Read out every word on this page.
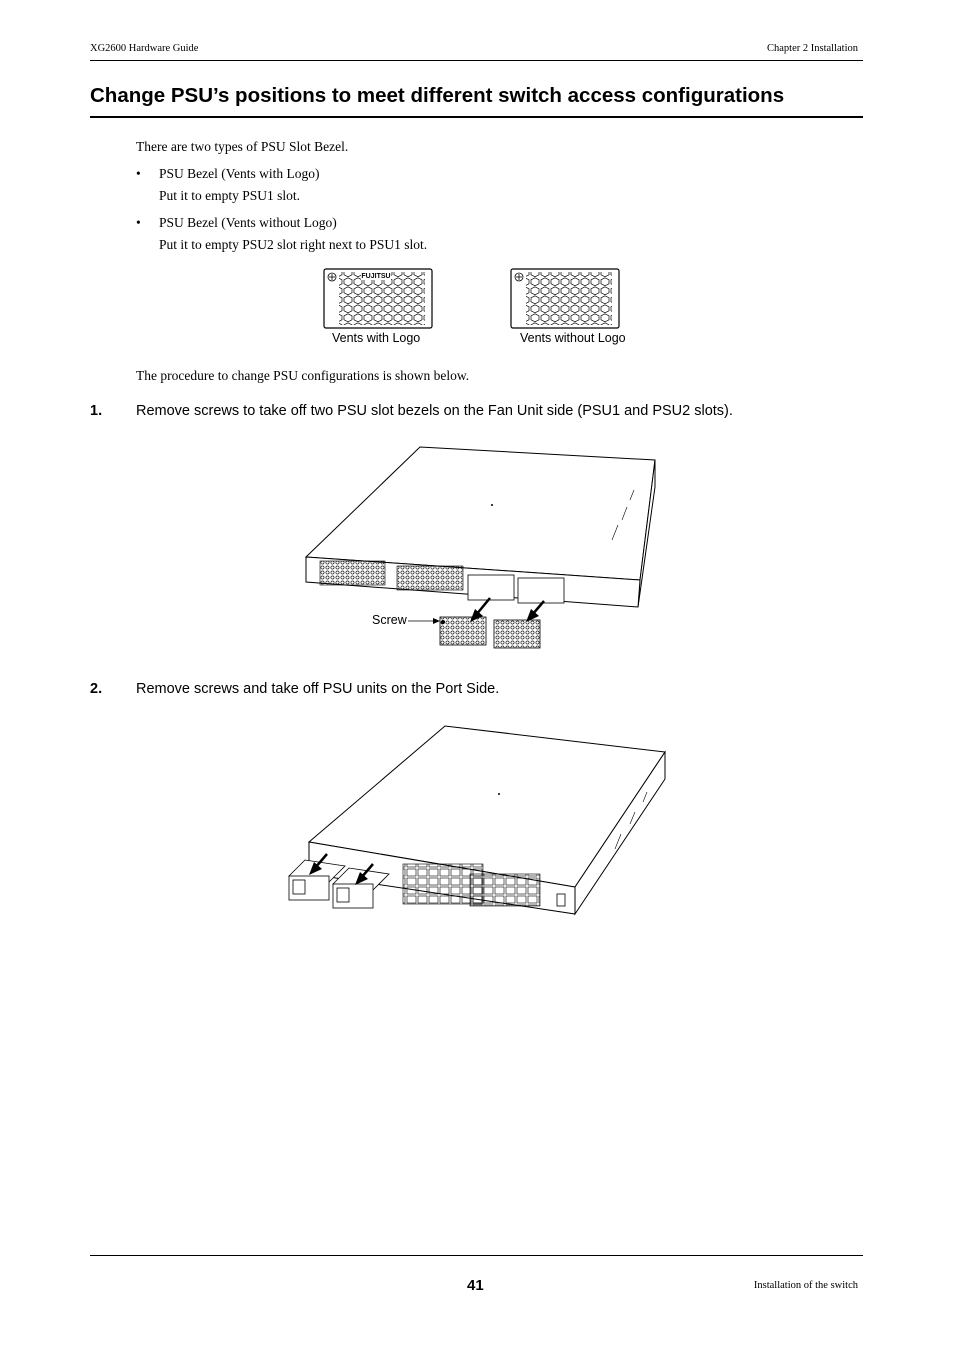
XG2600 Hardware Guide	Chapter 2 Installation
Change PSU’s positions to meet different switch access configurations
There are two types of PSU Slot Bezel.
• PSU Bezel (Vents with Logo)
Put it to empty PSU1 slot.
• PSU Bezel (Vents without Logo)
Put it to empty PSU2 slot right next to PSU1 slot.
FUJITSU
Vents with Logo	Vents without Logo
The procedure to change PSU configurations is shown below.
1. Remove screws to take off two PSU slot bezels on the Fan Unit side (PSU1 and PSU2 slots).
Screw
2. Remove screws and take off PSU units on the Port Side.
41	Installation of the switch
